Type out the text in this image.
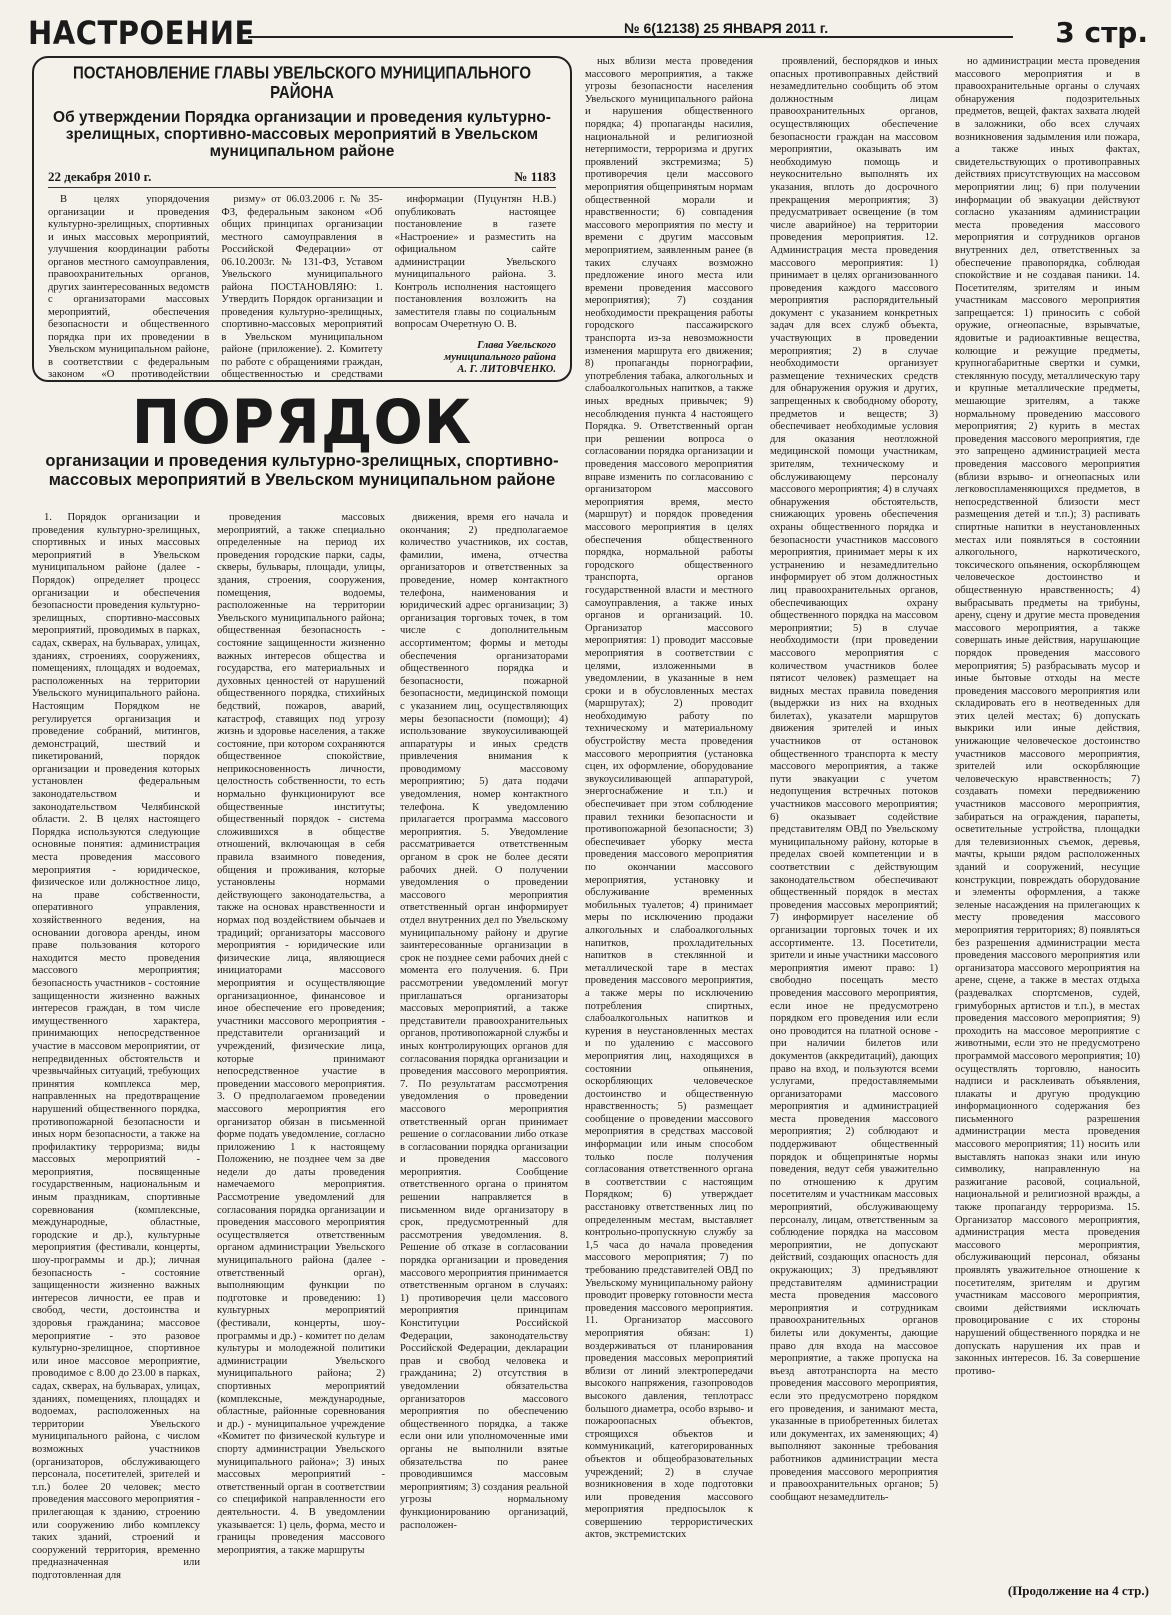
НАСТРОЕНИЕ	№ 6(12138) 25 ЯНВАРЯ 2011 г.	3 стр.
ПОСТАНОВЛЕНИЕ ГЛАВЫ УВЕЛЬСКОГО МУНИЦИПАЛЬНОГО РАЙОНА
Об утверждении Порядка организации и проведения культурно-зрелищных, спортивно-массовых мероприятий в Увельском муниципальном районе
22 декабря 2010 г.	№ 1183

В целях упорядочения организации и проведения культурно-зрелищных, спортивных и иных массовых мероприятий, улучшения координации работы органов местного самоуправления, правоохранительных органов, других заинтересованных ведомств с организаторами массовых мероприятий, обеспечения безопасности и общественного порядка при их проведении в Увельском муниципальном районе, в соответствии с федеральным законом «О противодействии

ризму» от 06.03.2006 г. № 35-ФЗ, федеральным законом «Об общих принципах организации местного самоуправления в Российской Федерации» от 06.10.2003г. № 131-ФЗ, Уставом Увельского муниципального района ПОСТАНОВЛЯЮ: 1. Утвердить Порядок организации и проведения культурно-зрелищных, спортивно-массовых мероприятий в Увельском муниципальном районе (приложение). 2. Комитету по работе с обращениями граждан, общественностью и средствами

информации (Пуцунтян Н.В.) опубликовать настоящее постановление в газете «Настроение» и разместить на официальном сайте администрации Увельского муниципального района. 3. Контроль исполнения настоящего постановления возложить на заместителя главы по социальным вопросам Очеретную О. В.

Глава Увельского
муниципального района
А. Г. ЛИТОВЧЕНКО.
ПОРЯДОК
организации и проведения культурно-зрелищных, спортивно-массовых мероприятий в Увельском муниципальном районе

1. Порядок организации и проведения культурно-зрелищных, спортивных и иных массовых мероприятий в Увельском муниципальном районе (далее - Порядок) определяет процесс организации и обеспечения безопасности проведения культурно-зрелищных, спортивно-массовых мероприятий, проводимых в парках, садах, скверах, на бульварах, улицах, зданиях, строениях, сооружениях, помещениях, площадях и водоемах, расположенных на территории Увельского муниципального района. Настоящим Порядком не регулируется организация и проведение собраний, митингов, демонстраций, шествий и пикетирований, порядок организации и проведения которых установлен федеральным законодательством и законодательством Челябинской области. 2. В целях настоящего Порядка используются следующие основные понятия: администрация места проведения массового мероприятия - юридическое, физическое или должностное лицо, на праве собственности, оперативного управления, хозяйственного ведения, на основании договора аренды, ином праве пользования которого находится место проведения массового мероприятия; безопасность участников - состояние защищенности жизненно важных интересов граждан, в том числе имущественного характера, принимающих непосредственное участие в массовом мероприятии, от непредвиденных обстоятельств и чрезвычайных ситуаций, требующих принятия комплекса мер, направленных на предотвращение нарушений общественного порядка, противопожарной безопасности и иных норм безопасности, а также на профилактику терроризма; виды массовых мероприятий - мероприятия, посвященные государственным, национальным и иным праздникам, спортивные соревнования (комплексные, международные, областные, городские и др.), культурные мероприятия (фестивали, концерты, шоу-программы и др.); личная безопасность - состояние защищенности жизненно важных интересов личности, ее прав и свобод, чести, достоинства и здоровья гражданина; массовое мероприятие - это разовое культурно-зрелищное, спортивное или иное массовое мероприятие, проводимое с 8.00 до 23.00 в парках, садах, скверах, на бульварах, улицах, зданиях, помещениях, площадях и водоемах, расположенных на территории Увельского муниципального района, с числом возможных участников (организаторов, обслуживающего персонала, посетителей, зрителей и т.п.) более 20 человек; место проведения массового мероприятия - прилегающая к зданию, строению или сооружению либо комплексу таких зданий, строений и сооружений территория, временно предназначенная или подготовленная для

проведения массовых мероприятий, а также специально определенные на период их проведения городские парки, сады, скверы, бульвары, площади, улицы, здания, строения, сооружения, помещения, водоемы, расположенные на территории Увельского муниципального района; общественная безопасность - состояние защищенности жизненно важных интересов общества и государства, его материальных и духовных ценностей от нарушений общественного порядка, стихийных бедствий, пожаров, аварий, катастроф, ставящих под угрозу жизнь и здоровье населения, а также состояние, при котором сохраняются общественное спокойствие, неприкосновенность личности, целостность собственности, то есть нормально функционируют все общественные институты; общественный порядок - система сложившихся в обществе отношений, включающая в себя правила взаимного поведения, общения и проживания, которые установлены нормами действующего законодательства, а также на основах нравственности и нормах под воздействием обычаев и традиций; организаторы массового мероприятия - юридические или физические лица, являющиеся инициаторами массового мероприятия и осуществляющие организационное, финансовое и иное обеспечение его проведения; участники массового мероприятия - представители организаций и учреждений, физические лица, которые принимают непосредственное участие в проведении массового мероприятия. 3. О предполагаемом проведении массового мероприятия его организатор обязан в письменной форме подать уведомление, согласно приложению 1 к настоящему Положению, не позднее чем за две недели до даты проведения намечаемого мероприятия. Рассмотрение уведомлений для согласования порядка организации и проведения массового мероприятия осуществляется ответственным органом администрации Увельского муниципального района (далее - ответственный орган), выполняющим функции по подготовке и проведению: 1) культурных мероприятий (фестивали, концерты, шоу-программы и др.) - комитет по делам культуры и молодежной политики администрации Увельского муниципального района; 2) спортивных мероприятий (комплексные, международные, областные, районные соревнования и др.) - муниципальное учреждение «Комитет по физической культуре и спорту администрации Увельского муниципального района»; 3) иных массовых мероприятий - ответственный орган в соответствии со спецификой направленности его деятельности. 4. В уведомлении указывается: 1) цель, форма, место и границы проведения массового мероприятия, а также маршруты

движения, время его начала и окончания; 2) предполагаемое количество участников, их состав, фамилии, имена, отчества организаторов и ответственных за проведение, номер контактного телефона, наименования и юридический адрес организации; 3) организация торговых точек, в том числе с дополнительным ассортиментом; формы и методы обеспечения организаторами общественного порядка и безопасности, пожарной безопасности, медицинской помощи с указанием лиц, осуществляющих меры безопасности (помощи); 4) использование звукоусиливающей аппаратуры и иных средств привлечения внимания к проводимому массовому мероприятию; 5) дата подачи уведомления, номер контактного телефона. К уведомлению прилагается программа массового мероприятия. 5. Уведомление рассматривается ответственным органом в срок не более десяти рабочих дней. О получении уведомления о проведении массового мероприятия ответственный орган информирует отдел внутренних дел по Увельскому муниципальному району и другие заинтересованные организации в срок не позднее семи рабочих дней с момента его получения. 6. При рассмотрении уведомлений могут приглашаться организаторы массовых мероприятий, а также представители правоохранительных органов, противопожарной службы и иных контролирующих органов для согласования порядка организации и проведения массового мероприятия. 7. По результатам рассмотрения уведомления о проведении массового мероприятия ответственный орган принимает решение о согласовании либо отказе в согласовании порядка организации и проведения массового мероприятия. Сообщение ответственного органа о принятом решении направляется в письменном виде организатору в срок, предусмотренный для рассмотрения уведомления. 8. Решение об отказе в согласовании порядка организации и проведения массового мероприятия принимается ответственным органом в случаях: 1) противоречия цели массового мероприятия принципам Конституции Российской Федерации, законодательству Российской Федерации, декларации прав и свобод человека и гражданина; 2) отсутствия в уведомлении обязательства организаторов массового мероприятия по обеспечению общественного порядка, а также если они или уполномоченные ими органы не выполнили взятые обязательства по ранее проводившимся массовым мероприятиям; 3) создания реальной угрозы нормальному функционированию организаций, расположен-

ных вблизи места проведения массового мероприятия, а также угрозы безопасности населения Увельского муниципального района и нарушения общественного порядка; 4) пропаганды насилия, национальной и религиозной нетерпимости, терроризма и других проявлений экстремизма; 5) противоречия цели массового мероприятия общепринятым нормам общественной морали и нравственности; 6) совпадения массового мероприятия по месту и времени с другим массовым мероприятием, заявленным ранее (в таких случаях возможно предложение иного места или времени проведения массового мероприятия); 7) создания необходимости прекращения работы городского пассажирского транспорта из-за невозможности изменения маршрута его движения; 8) пропаганды порнографии, употребления табака, алкогольных и слабоалкогольных напитков, а также иных вредных привычек; 9) несоблюдения пункта 4 настоящего Порядка. 9. Ответственный орган при решении вопроса о согласовании порядка организации и проведения массового мероприятия вправе изменить по согласованию с организатором массового мероприятия время, место (маршрут) и порядок проведения массового мероприятия в целях обеспечения общественного порядка, нормальной работы городского общественного транспорта, органов государственной власти и местного самоуправления, а также иных органов и организаций. 10. Организатор массового мероприятия: 1) проводит массовые мероприятия в соответствии с целями, изложенными в уведомлении, в указанные в нем сроки и в обусловленных местах (маршрутах); 2) проводит необходимую работу по техническому и материальному обустройству места проведения массового мероприятия (установка сцен, их оформление, оборудование звукоусиливающей аппаратурой, энергоснабжение и т.п.) и обеспечивает при этом соблюдение правил техники безопасности и противопожарной безопасности; 3) обеспечивает уборку места проведения массового мероприятия по окончании массового мероприятия, установку и обслуживание временных мобильных туалетов; 4) принимает меры по исключению продажи алкогольных и слабоалкогольных напитков, прохладительных напитков в стеклянной и металлической таре в местах проведения массового мероприятия, а также меры по исключению потребления спиртных, слабоалкогольных напитков и курения в неустановленных местах и по удалению с массового мероприятия лиц, находящихся в состоянии опьянения, оскорбляющих человеческое достоинство и общественную нравственность; 5) размещает сообщение о проведении массового мероприятия в средствах массовой информации или иным способом только после получения согласования ответственного органа в соответствии с настоящим Порядком; 6) утверждает расстановку ответственных лиц по определенным местам, выставляет контрольно-пропускную службу за 1,5 часа до начала проведения массового мероприятия; 7) по требованию представителей ОВД по Увельскому муниципальному району проводит проверку готовности места проведения массового мероприятия. 11. Организатор массового мероприятия обязан: 1) воздерживаться от планирования проведения массовых мероприятий вблизи от линий электропередачи высокого напряжения, газопроводов высокого давления, теплотрасс большого диаметра, особо взрыво- и пожароопасных объектов, строящихся объектов и коммуникаций, категорированных объектов и общеобразовательных учреждений; 2) в случае возникновения в ходе подготовки или проведения массового мероприятия предпосылок к совершению террористических актов, экстремистских

проявлений, беспорядков и иных опасных противоправных действий незамедлительно сообщить об этом должностным лицам правоохранительных органов, осуществляющих обеспечение безопасности граждан на массовом мероприятии, оказывать им необходимую помощь и неукоснительно выполнять их указания, вплоть до досрочного прекращения мероприятия; 3) предусматривает освещение (в том числе аварийное) на территории проведения мероприятия. 12. Администрация места проведения массового мероприятия: 1) принимает в целях организованного проведения каждого массового мероприятия распорядительный документ с указанием конкретных задач для всех служб объекта, участвующих в проведении мероприятия; 2) в случае необходимости организует размещение технических средств для обнаружения оружия и других, запрещенных к свободному обороту, предметов и веществ; 3) обеспечивает необходимые условия для оказания неотложной медицинской помощи участникам, зрителям, техническому и обслуживающему персоналу массового мероприятия; 4) в случаях обнаружения обстоятельств, снижающих уровень обеспечения охраны общественного порядка и безопасности участников массового мероприятия, принимает меры к их устранению и незамедлительно информирует об этом должностных лиц правоохранительных органов, обеспечивающих охрану общественного порядка на массовом мероприятии; 5) в случае необходимости (при проведении массового мероприятия с количеством участников более пятисот человек) размещает на видных местах правила поведения (выдержки из них на входных билетах), указатели маршрутов движения зрителей и иных участников от остановок общественного транспорта к месту массового мероприятия, а также пути эвакуации с учетом недопущения встречных потоков участников массового мероприятия; 6) оказывает содействие представителям ОВД по Увельскому муниципальному району, которые в пределах своей компетенции и в соответствии с действующим законодательством обеспечивают общественный порядок в местах проведения массовых мероприятий; 7) информирует население об организации торговых точек и их ассортименте. 13. Посетители, зрители и иные участники массового мероприятия имеют право: 1) свободно посещать место проведения массового мероприятия, если иное не предусмотрено порядком его проведения или если оно проводится на платной основе - при наличии билетов или документов (аккредитаций), дающих право на вход, и пользуются всеми услугами, предоставляемыми организаторами массового мероприятия и администрацией места проведения массового мероприятия; 2) соблюдают и поддерживают общественный порядок и общепринятые нормы поведения, ведут себя уважительно по отношению к другим посетителям и участникам массовых мероприятий, обслуживающему персоналу, лицам, ответственным за соблюдение порядка на массовом мероприятии, не допускают действий, создающих опасность для окружающих; 3) предъявляют представителям администрации места проведения массового мероприятия и сотрудникам правоохранительных органов билеты или документы, дающие право для входа на массовое мероприятие, а также пропуска на въезд автотранспорта на место проведения массового мероприятия, если это предусмотрено порядком его проведения, и занимают места, указанные в приобретенных билетах или документах, их заменяющих; 4) выполняют законные требования работников администрации места проведения массового мероприятия и правоохранительных органов; 5) сообщают незамедлитель-

но администрации места проведения массового мероприятия и в правоохранительные органы о случаях обнаружения подозрительных предметов, вещей, фактах захвата людей в заложники, обо всех случаях возникновения задымления или пожара, а также иных фактах, свидетельствующих о противоправных действиях присутствующих на массовом мероприятии лиц; 6) при получении информации об эвакуации действуют согласно указаниям администрации места проведения массового мероприятия и сотрудников органов внутренних дел, ответственных за обеспечение правопорядка, соблюдая спокойствие и не создавая паники. 14. Посетителям, зрителям и иным участникам массового мероприятия запрещается: 1) приносить с собой оружие, огнеопасные, взрывчатые, ядовитые и радиоактивные вещества, колющие и режущие предметы, крупногабаритные свертки и сумки, стеклянную посуду, металлическую тару и крупные металлические предметы, мешающие зрителям, а также нормальному проведению массового мероприятия; 2) курить в местах проведения массового мероприятия, где это запрещено администрацией места проведения массового мероприятия (вблизи взрыво- и огнеопасных или легковоспламеняющихся предметов, в непосредственной близости мест размещения детей и т.п.); 3) распивать спиртные напитки в неустановленных местах или появляться в состоянии алкогольного, наркотического, токсического опьянения, оскорбляющем человеческое достоинство и общественную нравственность; 4) выбрасывать предметы на трибуны, арену, сцену и другие места проведения массового мероприятия, а также совершать иные действия, нарушающие порядок проведения массового мероприятия; 5) разбрасывать мусор и иные бытовые отходы на месте проведения массового мероприятия или складировать его в неотведенных для этих целей местах; 6) допускать выкрики или иные действия, унижающие человеческое достоинство участников массового мероприятия, зрителей или оскорбляющие человеческую нравственность; 7) создавать помехи передвижению участников массового мероприятия, забираться на ограждения, парапеты, осветительные устройства, площадки для телевизионных съемок, деревья, мачты, крыши рядом расположенных зданий и сооружений, несущие конструкции, повреждать оборудование и элементы оформления, а также зеленые насаждения на прилегающих к месту проведения массового мероприятия территориях; 8) появляться без разрешения администрации места проведения массового мероприятия или организатора массового мероприятия на арене, сцене, а также в местах отдыха (раздевалках спортсменов, судей, гримуборных артистов и т.п.), в местах проведения массового мероприятия; 9) проходить на массовое мероприятие с животными, если это не предусмотрено программой массового мероприятия; 10) осуществлять торговлю, наносить надписи и расклеивать объявления, плакаты и другую продукцию информационного содержания без письменного разрешения администрации места проведения массового мероприятия; 11) носить или выставлять напоказ знаки или иную символику, направленную на разжигание расовой, социальной, национальной и религиозной вражды, а также пропаганду терроризма. 15. Организатор массового мероприятия, администрация места проведения массового мероприятия, обслуживающий персонал, обязаны проявлять уважительное отношение к посетителям, зрителям и другим участникам массового мероприятия, своими действиями исключать провоцирование с их стороны нарушений общественного порядка и не допускать нарушения их прав и законных интересов. 16. За совершение противо-

(Продолжение на 4 стр.)
